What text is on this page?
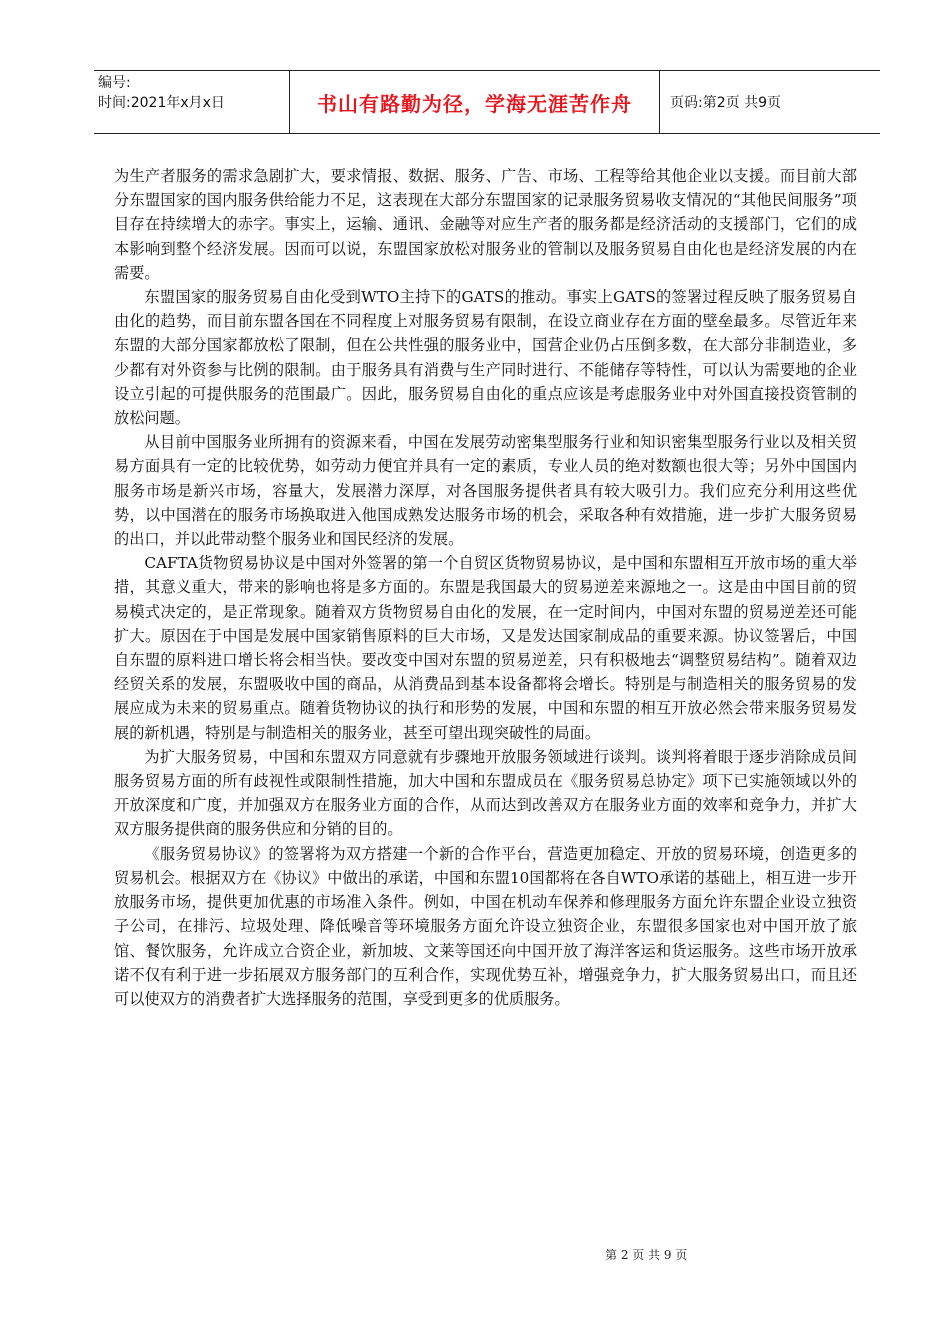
编号:
时间:2021年x月x日	书山有路勤为径，学海无涯苦作舟	页码:第2页 共9页

为生产者服务的需求急剧扩大，要求情报、数据、服务、广告、市场、工程等给其他企业以支援。而目前大部分东盟国家的国内服务供给能力不足，这表现在大部分东盟国家的记录服务贸易收支情况的“其他民间服务”项目存在持续增大的赤字。事实上，运输、通讯、金融等对应生产者的服务都是经济活动的支援部门，它们的成本影响到整个经济发展。因而可以说，东盟国家放松对服务业的管制以及服务贸易自由化也是经济发展的内在需要。

东盟国家的服务贸易自由化受到WTO主持下的GATS的推动。事实上GATS的签署过程反映了服务贸易自由化的趋势，而目前东盟各国在不同程度上对服务贸易有限制，在设立商业存在方面的壁垒最多。尽管近年来东盟的大部分国家都放松了限制，但在公共性强的服务业中，国营企业仍占压倒多数，在大部分非制造业，多少都有对外资参与比例的限制。由于服务具有消费与生产同时进行、不能储存等特性，可以认为需要地的企业设立引起的可提供服务的范围最广。因此，服务贸易自由化的重点应该是考虑服务业中对外国直接投资管制的放松问题。

从目前中国服务业所拥有的资源来看，中国在发展劳动密集型服务行业和知识密集型服务行业以及相关贸易方面具有一定的比较优势，如劳动力便宜并具有一定的素质，专业人员的绝对数额也很大等；另外中国国内服务市场是新兴市场，容量大，发展潜力深厚，对各国服务提供者具有较大吸引力。我们应充分利用这些优势，以中国潜在的服务市场换取进入他国成熟发达服务市场的机会，采取各种有效措施，进一步扩大服务贸易的出口，并以此带动整个服务业和国民经济的发展。

CAFTA货物贸易协议是中国对外签署的第一个自贸区货物贸易协议，是中国和东盟相互开放市场的重大举措，其意义重大，带来的影响也将是多方面的。东盟是我国最大的贸易逆差来源地之一。这是由中国目前的贸易模式决定的，是正常现象。随着双方货物贸易自由化的发展，在一定时间内，中国对东盟的贸易逆差还可能扩大。原因在于中国是发展中国家销售原料的巨大市场，又是发达国家制成品的重要来源。协议签署后，中国自东盟的原料进口增长将会相当快。要改变中国对东盟的贸易逆差，只有积极地去“调整贸易结构”。随着双边经贸关系的发展，东盟吸收中国的商品，从消费品到基本设备都将会增长。特别是与制造相关的服务贸易的发展应成为未来的贸易重点。随着货物协议的执行和形势的发展，中国和东盟的相互开放必然会带来服务贸易发展的新机遇，特别是与制造相关的服务业，甚至可望出现突破性的局面。

为扩大服务贸易，中国和东盟双方同意就有步骤地开放服务领域进行谈判。谈判将着眼于逐步消除成员间服务贸易方面的所有歧视性或限制性措施，加大中国和东盟成员在《服务贸易总协定》项下已实施领域以外的开放深度和广度，并加强双方在服务业方面的合作，从而达到改善双方在服务业方面的效率和竞争力，并扩大双方服务提供商的服务供应和分销的目的。

《服务贸易协议》的签署将为双方搭建一个新的合作平台，营造更加稳定、开放的贸易环境，创造更多的贸易机会。根据双方在《协议》中做出的承诺，中国和东盟10国都将在各自WTO承诺的基础上，相互进一步开放服务市场，提供更加优惠的市场准入条件。例如，中国在机动车保养和修理服务方面允许东盟企业设立独资子公司，在排污、垃圾处理、降低噪音等环境服务方面允许设立独资企业，东盟很多国家也对中国开放了旅馆、餐饮服务，允许成立合资企业，新加坡、文莱等国还向中国开放了海洋客运和货运服务。这些市场开放承诺不仅有利于进一步拓展双方服务部门的互利合作，实现优势互补，增强竞争力，扩大服务贸易出口，而且还可以使双方的消费者扩大选择服务的范围，享受到更多的优质服务。

第 2 页 共 9 页
